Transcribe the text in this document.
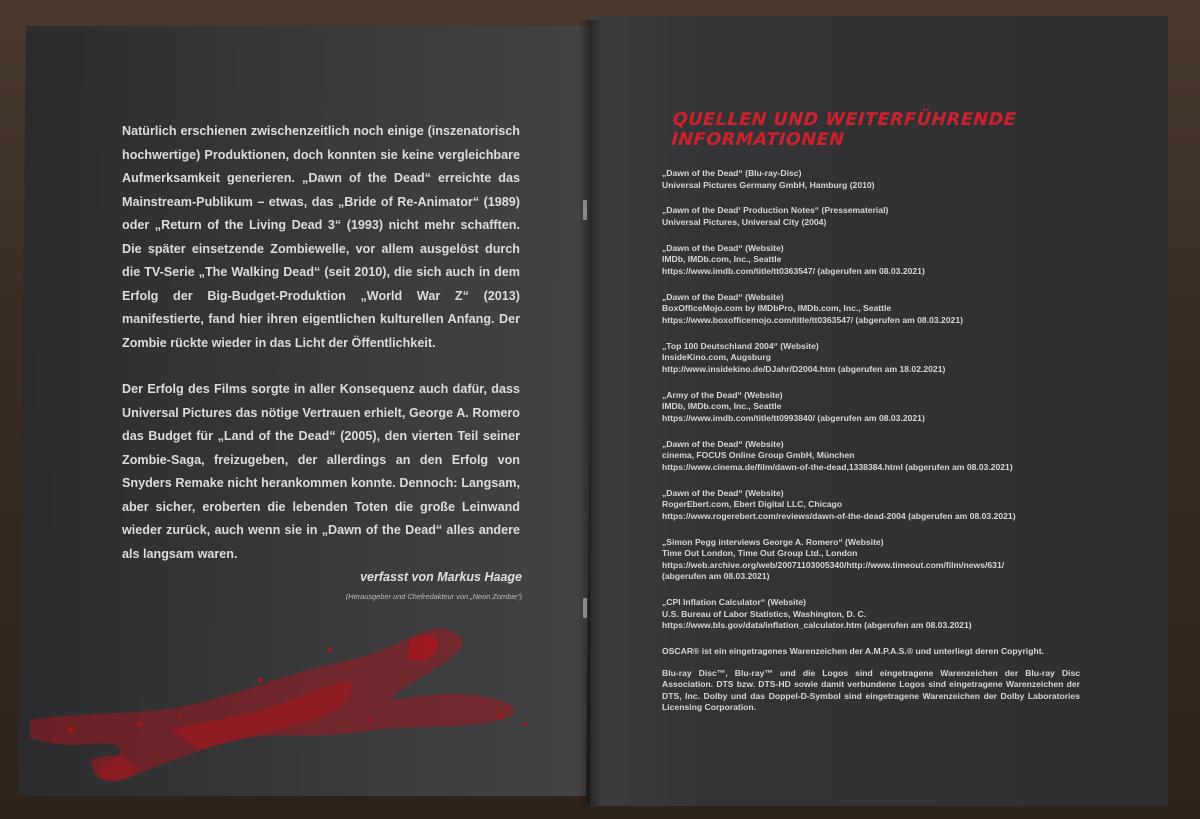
Natürlich erschienen zwischenzeitlich noch einige (inszenatorisch hochwertige) Produktionen, doch konnten sie keine vergleichbare Aufmerksamkeit generieren. „Dawn of the Dead“ erreichte das Mainstream-Publikum – etwas, das „Bride of Re-Animator“ (1989) oder „Return of the Living Dead 3“ (1993) nicht mehr schafften. Die später einsetzende Zombiewelle, vor allem ausgelöst durch die TV-Serie „The Walking Dead“ (seit 2010), die sich auch in dem Erfolg der Big-Budget-Produktion „World War Z“ (2013) manifestierte, fand hier ihren eigentlichen kulturellen Anfang. Der Zombie rückte wieder in das Licht der Öffentlichkeit.

Der Erfolg des Films sorgte in aller Konsequenz auch dafür, dass Universal Pictures das nötige Vertrauen erhielt, George A. Romero das Budget für „Land of the Dead“ (2005), den vierten Teil seiner Zombie-Saga, freizugeben, der allerdings an den Erfolg von Snyders Remake nicht herankommen konnte. Dennoch: Langsam, aber sicher, eroberten die lebenden Toten die große Leinwand wieder zurück, auch wenn sie in „Dawn of the Dead“ alles andere als langsam waren.

verfasst von Markus Haage
(Herausgeber und Chefredakteur von „Neon Zombie“)
QUELLEN UND WEITERFÜHRENDE INFORMATIONEN
„Dawn of the Dead“ (Blu-ray-Disc)
Universal Pictures Germany GmbH, Hamburg (2010)
„Dawn of the Dead‘ Production Notes“ (Pressematerial)
Universal Pictures, Universal City (2004)
„Dawn of the Dead“ (Website)
IMDb, IMDb.com, Inc., Seattle
https://www.imdb.com/title/tt0363547/ (abgerufen am 08.03.2021)
„Dawn of the Dead“ (Website)
BoxOfficeMojo.com by IMDbPro, IMDb.com, Inc., Seattle
https://www.boxofficemojo.com/title/tt0363547/ (abgerufen am 08.03.2021)
„Top 100 Deutschland 2004“ (Website)
InsideKino.com, Augsburg
http://www.insidekino.de/DJahr/D2004.htm (abgerufen am 18.02.2021)
„Army of the Dead“ (Website)
IMDb, IMDb.com, Inc., Seattle
https://www.imdb.com/title/tt0993840/ (abgerufen am 08.03.2021)
„Dawn of the Dead“ (Website)
cinema, FOCUS Online Group GmbH, München
https://www.cinema.de/film/dawn-of-the-dead,1338384.html (abgerufen am 08.03.2021)
„Dawn of the Dead“ (Website)
RogerEbert.com, Ebert Digital LLC, Chicago
https://www.rogerebert.com/reviews/dawn-of-the-dead-2004 (abgerufen am 08.03.2021)
„Simon Pegg interviews George A. Romero“ (Website)
Time Out London, Time Out Group Ltd., London
https://web.archive.org/web/20071103005340/http://www.timeout.com/film/news/631/
(abgerufen am 08.03.2021)
„CPI Inflation Calculator“ (Website)
U.S. Bureau of Labor Statistics, Washington, D. C.
https://www.bls.gov/data/inflation_calculator.htm (abgerufen am 08.03.2021)
OSCAR® ist ein eingetragenes Warenzeichen der A.M.P.A.S.® und unterliegt deren Copyright.
Blu-ray Disc™, Blu-ray™ und die Logos sind eingetragene Warenzeichen der Blu-ray Disc Association. DTS bzw. DTS-HD sowie damit verbundene Logos sind eingetragene Warenzeichen der DTS, Inc. Dolby und das Doppel-D-Symbol sind eingetragene Warenzeichen der Dolby Laboratories Licensing Corporation.
